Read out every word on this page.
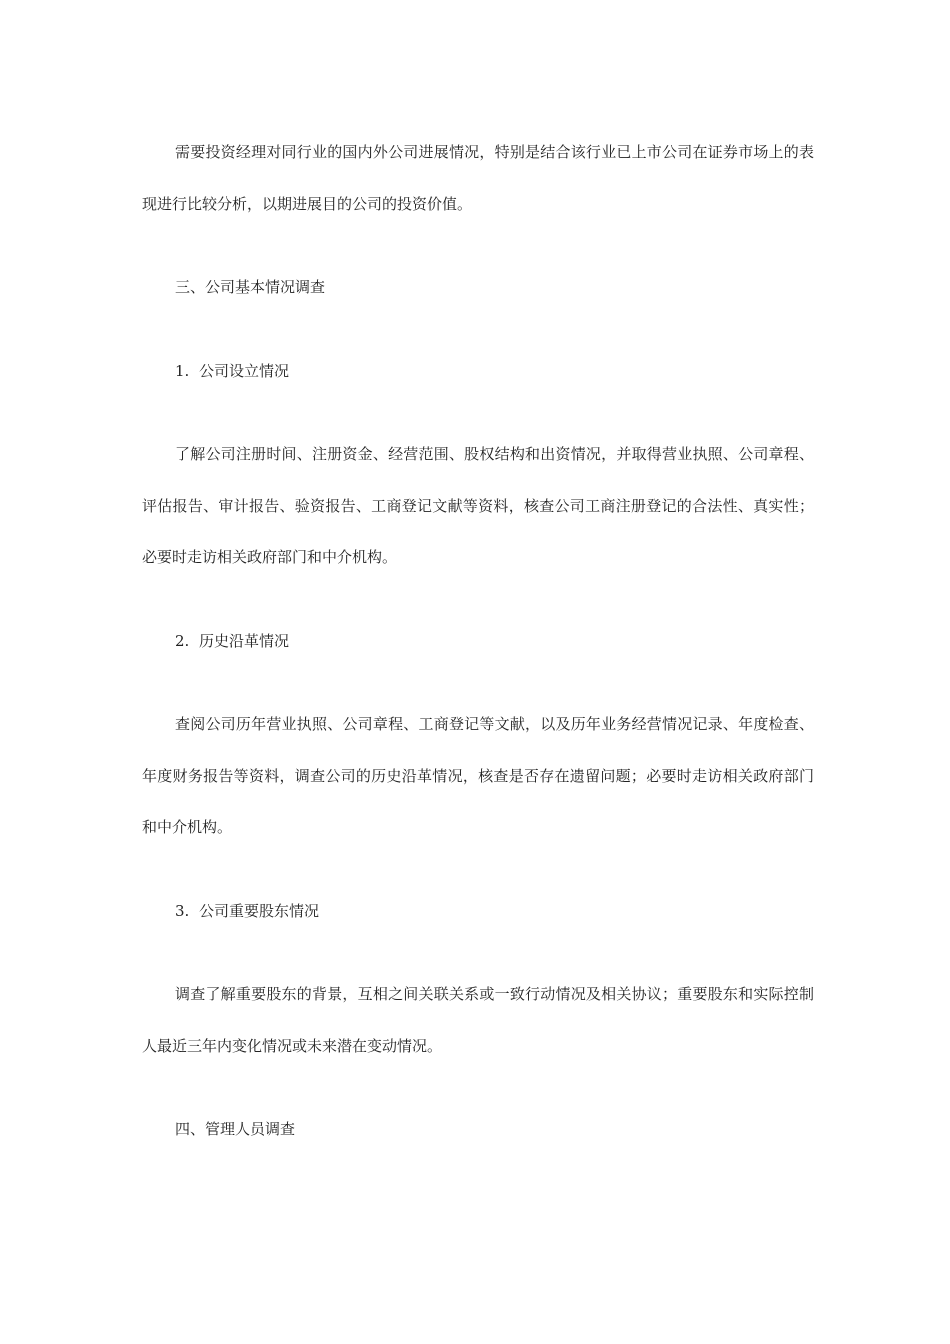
需要投资经理对同行业的国内外公司进展情况，特别是结合该行业已上市公司在证券市场上的表现进行比较分析，以期进展目的公司的投资价值。

三、公司基本情况调查

1. 公司设立情况

了解公司注册时间、注册资金、经营范围、股权结构和出资情况，并取得营业执照、公司章程、评估报告、审计报告、验资报告、工商登记文献等资料，核查公司工商注册登记的合法性、真实性；必要时走访相关政府部门和中介机构。

2. 历史沿革情况

查阅公司历年营业执照、公司章程、工商登记等文献，以及历年业务经营情况记录、年度检查、年度财务报告等资料，调查公司的历史沿革情况，核查是否存在遗留问题；必要时走访相关政府部门和中介机构。

3. 公司重要股东情况

调查了解重要股东的背景，互相之间关联关系或一致行动情况及相关协议；重要股东和实际控制人最近三年内变化情况或未来潜在变动情况。

四、管理人员调查
